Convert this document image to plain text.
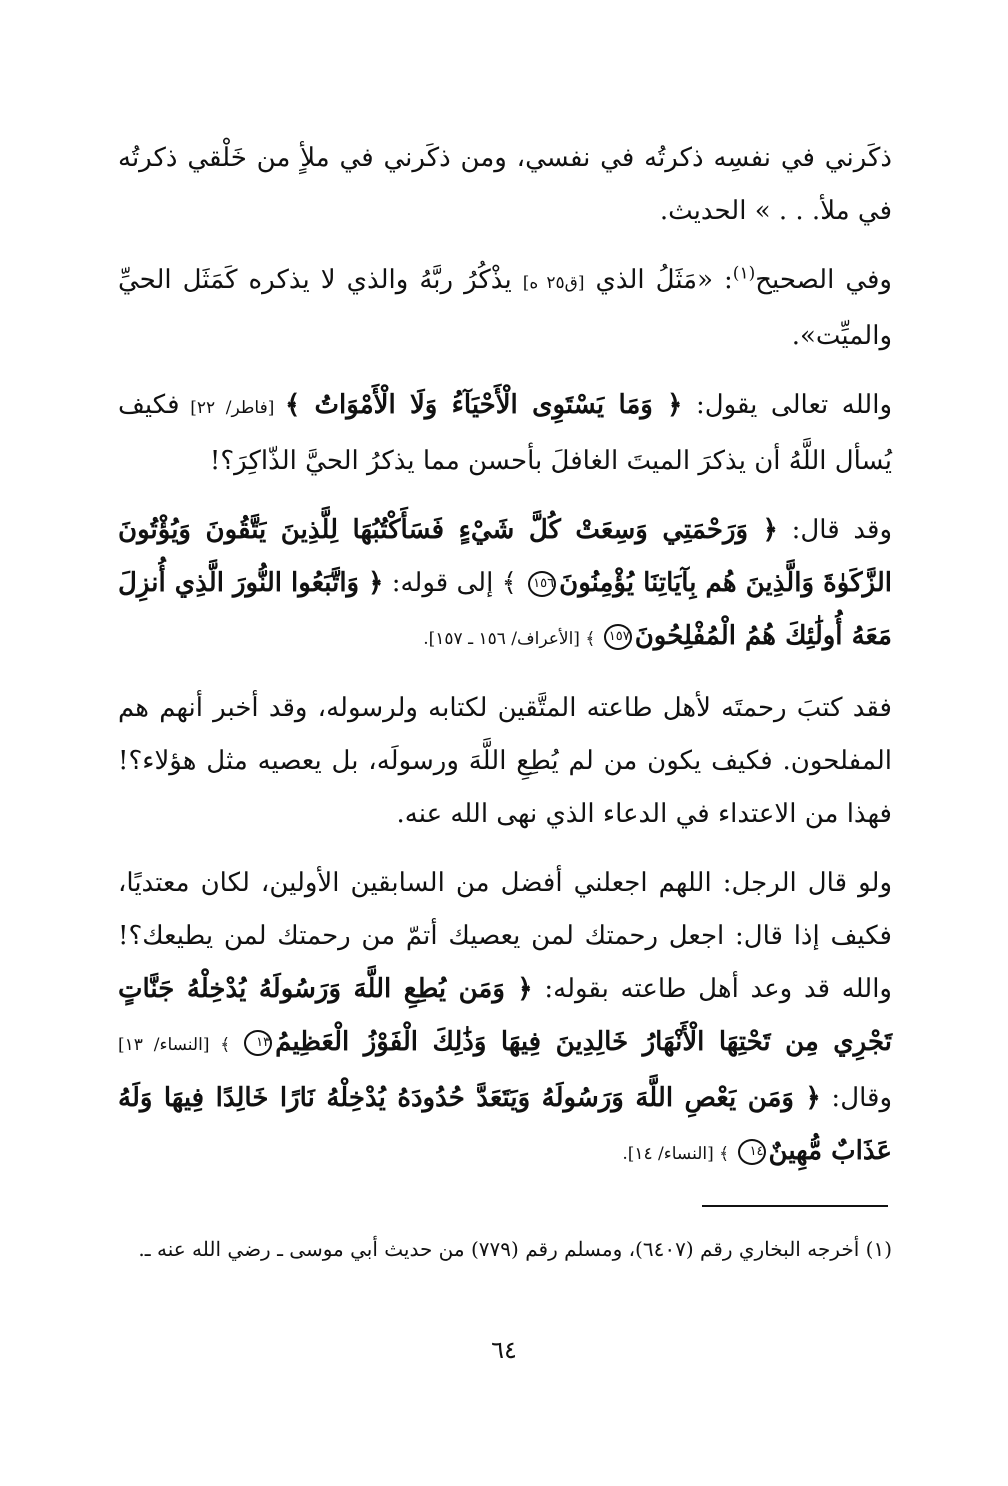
ذكَرني في نفسِه ذكرتُه في نفسي، ومن ذكَرني في ملأٍ من خَلْقي ذكرتُه في ملأ. . . » الحديث.

وفي الصحيح$^{(١)}$: «مَثَلُ الذي [ق٢٥ ه] يذْكُرُ ربَّهُ والذي لا يذكره كَمَثَل الحيِّ والميِّت».

والله تعالى يقول: ﴿ وَمَا يَسْتَوِى الْأَحْيَآءُ وَلَا الْأَمْوَاتُ ﴾ [فاطر/ ٢٢] فكيف يُسأل اللَّهُ أن يذكرَ الميتَ الغافلَ بأحسن مما يذكرُ الحيَّ الذّاكِرَ؟!

وقد قال: ﴿ وَرَحْمَتِي وَسِعَتْ كُلَّ شَيْءٍ فَسَأَكْتُبُهَا لِلَّذِينَ يَتَّقُونَ وَيُؤْتُونَ الزَّكَوٰةَ وَالَّذِينَ هُم بِآيَاتِنَا يُؤْمِنُونَ١٥٦ ﴾ إلى قوله: ﴿ وَاتَّبَعُوا النُّورَ الَّذِي أُنزِلَ مَعَهُ أُولَٰئِكَ هُمُ الْمُفْلِحُونَ١٥٧ ﴾ [الأعراف/ ١٥٦ ـ ١٥٧].

فقد كتبَ رحمتَه لأهل طاعته المتَّقين لكتابه ولرسوله، وقد أخبر أنهم هم المفلحون. فكيف يكون من لم يُطِعِ اللَّهَ ورسولَه، بل يعصيه مثل هؤلاء؟! فهذا من الاعتداء في الدعاء الذي نهى الله عنه.

ولو قال الرجل: اللهم اجعلني أفضل من السابقين الأولين، لكان معتديًا، فكيف إذا قال: اجعل رحمتك لمن يعصيك أتمّ من رحمتك لمن يطيعك؟! والله قد وعد أهل طاعته بقوله: ﴿ وَمَن يُطِعِ اللَّهَ وَرَسُولَهُ يُدْخِلْهُ جَنَّاتٍ تَجْرِي مِن تَحْتِهَا الْأَنْهَارُ خَالِدِينَ فِيهَا وَذَٰلِكَ الْفَوْزُ الْعَظِيمُ١٣ ﴾ [النساء/ ١٣] وقال: ﴿ وَمَن يَعْصِ اللَّهَ وَرَسُولَهُ وَيَتَعَدَّ حُدُودَهُ يُدْخِلْهُ نَارًا خَالِدًا فِيهَا وَلَهُ عَذَابٌ مُّهِينٌ١٤ ﴾ [النساء/ ١٤].

(١) أخرجه البخاري رقم (٦٤٠٧)، ومسلم رقم (٧٧٩) من حديث أبي موسى ـ رضي الله عنه ـ.
٦٤
